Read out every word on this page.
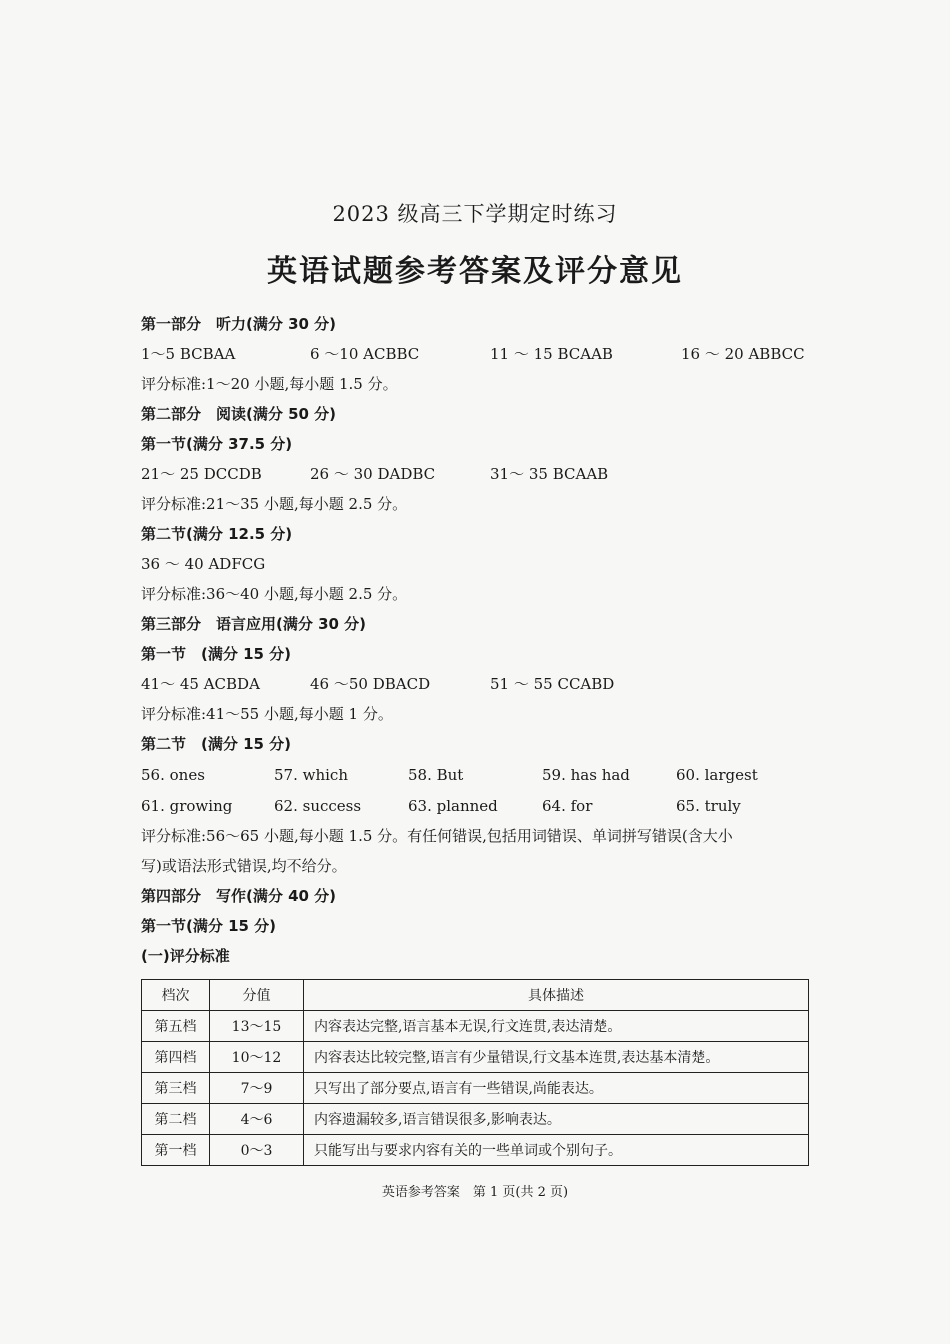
2023 级高三下学期定时练习
英语试题参考答案及评分意见
第一部分　听力(满分 30 分)
1～5 BCBAA	6 ～10 ACBBC	11 ～ 15 BCAAB	16 ～ 20 ABBCC
评分标准:1～20 小题,每小题 1.5 分。
第二部分　阅读(满分 50 分)
第一节(满分 37.5 分)
21～ 25 DCCDB	26 ～ 30 DADBC	31～ 35 BCAAB
评分标准:21～35 小题,每小题 2.5 分。
第二节(满分 12.5 分)
36 ～ 40 ADFCG
评分标准:36～40 小题,每小题 2.5 分。
第三部分　语言应用(满分 30 分)
第一节　(满分 15 分)
41～ 45 ACBDA	46 ～50 DBACD	51 ～ 55 CCABD
评分标准:41～55 小题,每小题 1 分。
第二节　(满分 15 分)
56. ones	57. which	58. But	59. has had	60. largest
61. growing	62. success	63. planned	64. for	65. truly
评分标准:56～65 小题,每小题 1.5 分。有任何错误,包括用词错误、单词拼写错误(含大小
写)或语法形式错误,均不给分。
第四部分　写作(满分 40 分)
第一节(满分 15 分)
(一)评分标准
档次	分值	具体描述
第五档	13～15	内容表达完整,语言基本无误,行文连贯,表达清楚。
第四档	10～12	内容表达比较完整,语言有少量错误,行文基本连贯,表达基本清楚。
第三档	7～9	只写出了部分要点,语言有一些错误,尚能表达。
第二档	4～6	内容遗漏较多,语言错误很多,影响表达。
第一档	0～3	只能写出与要求内容有关的一些单词或个别句子。
英语参考答案　第 1 页(共 2 页)
